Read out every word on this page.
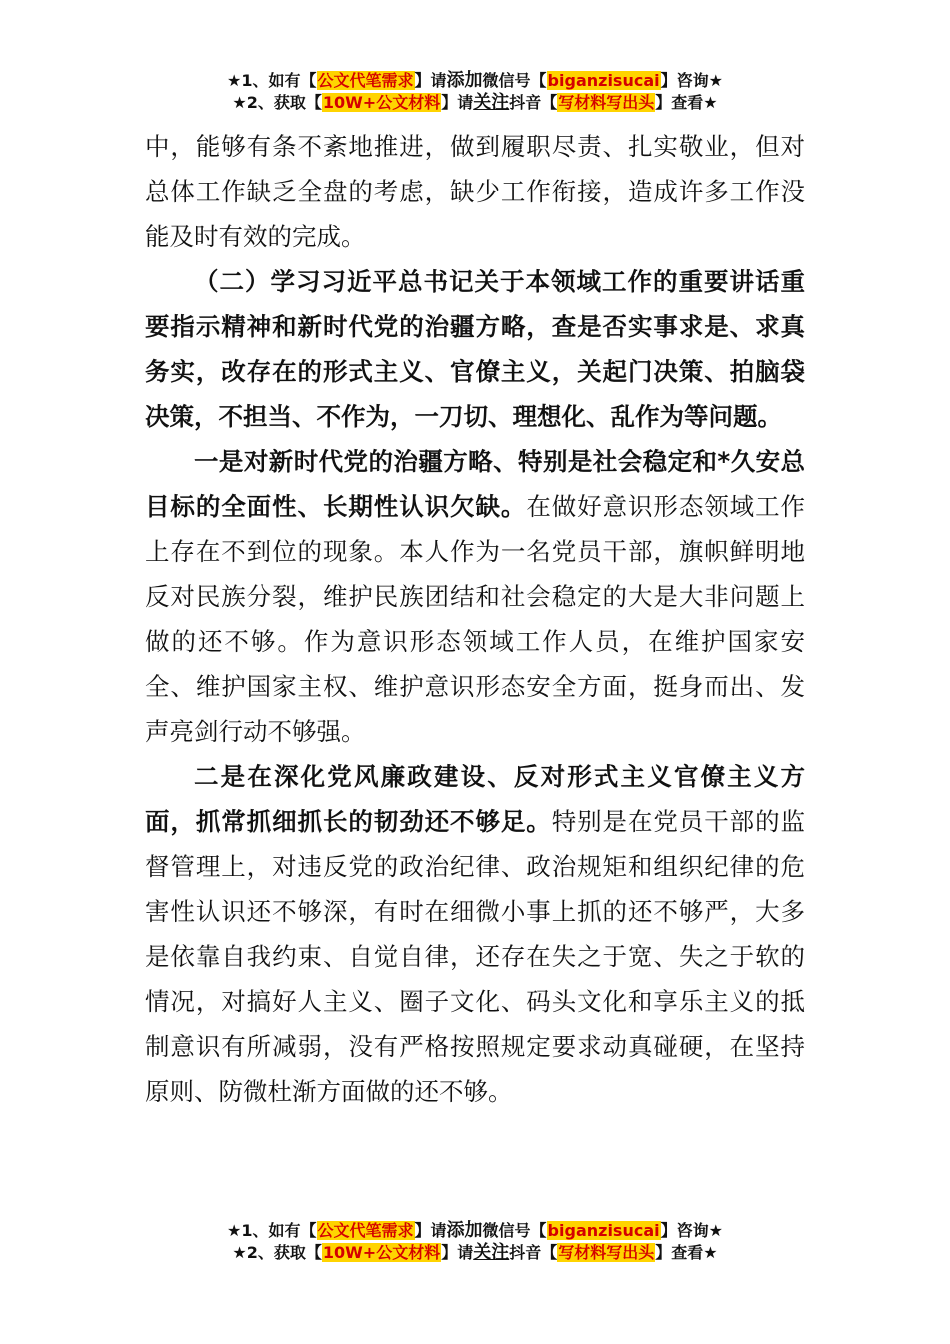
★1、如有【公文代笔需求】请添加微信号【biganzisucai】咨询★
★2、获取【10W+公文材料】请关注抖音【写材料写出头】查看★

中，能够有条不紊地推进，做到履职尽责、扎实敬业，但对总体工作缺乏全盘的考虑，缺少工作衔接，造成许多工作没能及时有效的完成。

（二）学习习近平总书记关于本领域工作的重要讲话重要指示精神和新时代党的治疆方略，查是否实事求是、求真务实，改存在的形式主义、官僚主义，关起门决策、拍脑袋决策，不担当、不作为，一刀切、理想化、乱作为等问题。

一是对新时代党的治疆方略、特别是社会稳定和*久安总目标的全面性、长期性认识欠缺。在做好意识形态领域工作上存在不到位的现象。本人作为一名党员干部，旗帜鲜明地反对民族分裂，维护民族团结和社会稳定的大是大非问题上做的还不够。作为意识形态领域工作人员，在维护国家安全、维护国家主权、维护意识形态安全方面，挺身而出、发声亮剑行动不够强。

二是在深化党风廉政建设、反对形式主义官僚主义方面，抓常抓细抓长的韧劲还不够足。特别是在党员干部的监督管理上，对违反党的政治纪律、政治规矩和组织纪律的危害性认识还不够深，有时在细微小事上抓的还不够严，大多是依靠自我约束、自觉自律，还存在失之于宽、失之于软的情况，对搞好人主义、圈子文化、码头文化和享乐主义的抵制意识有所减弱，没有严格按照规定要求动真碰硬，在坚持原则、防微杜渐方面做的还不够。

★1、如有【公文代笔需求】请添加微信号【biganzisucai】咨询★
★2、获取【10W+公文材料】请关注抖音【写材料写出头】查看★
